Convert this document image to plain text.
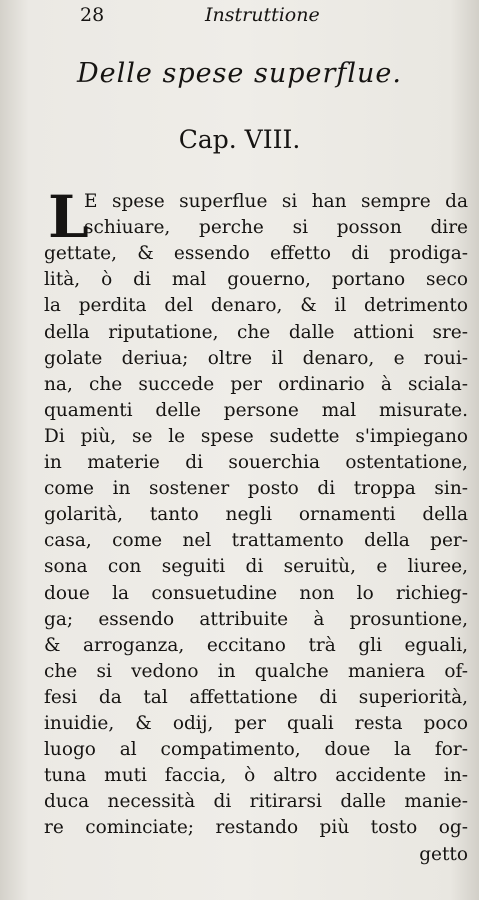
28	Instruttione
Delle spese superflue.
Cap. VIII.
L
E spese superflue si han sempre da
schiuare, perche si posson dire
gettate, & essendo effetto di prodiga-
lità, ò di mal gouerno, portano seco
la perdita del denaro, & il detrimento
della riputatione, che dalle attioni sre-
golate deriua; oltre il denaro, e roui-
na, che succede per ordinario à sciala-
quamenti delle persone mal misurate.
Di più, se le spese sudette s'impiegano
in materie di souerchia ostentatione,
come in sostener posto di troppa sin-
golarità, tanto negli ornamenti della
casa, come nel trattamento della per-
sona con seguiti di seruitù, e liuree,
doue la consuetudine non lo richieg-
ga; essendo attribuite à prosuntione,
& arroganza, eccitano trà gli eguali,
che si vedono in qualche maniera of-
fesi da tal affettatione di superiorità,
inuidie, & odij, per quali resta poco
luogo al compatimento, doue la for-
tuna muti faccia, ò altro accidente in-
duca necessità di ritirarsi dalle manie-
re cominciate; restando più tosto og-
getto
